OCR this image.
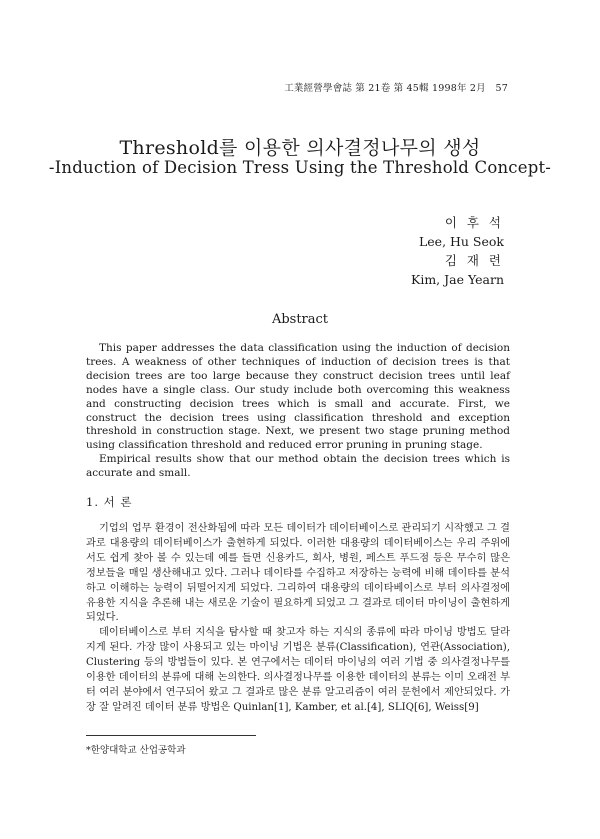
工業經營學會誌 第 21卷 第 45輯 1998年 2月　57
Threshold를 이용한 의사결정나무의 생성
-Induction of Decision Tress Using the Threshold Concept-
이 후 석
Lee, Hu Seok
김 재 련
Kim, Jae Yearn
Abstract

This paper addresses the data classification using the induction of decision trees. A weakness of other techniques of induction of decision trees is that decision trees are too large because they construct decision trees until leaf nodes have a single class. Our study include both overcoming this weakness and constructing decision trees which is small and accurate. First, we construct the decision trees using classification threshold and exception threshold in construction stage. Next, we present two stage pruning method using classification threshold and reduced error pruning in pruning stage.

Empirical results show that our method obtain the decision trees which is accurate and small.

1. 서 론

기업의 업무 환경이 전산화됨에 따라 모든 데이터가 데이터베이스로 관리되기 시작했고 그 결과로 대용량의 데이터베이스가 출현하게 되었다. 이러한 대용량의 데이터베이스는 우리 주위에서도 쉽게 찾아 볼 수 있는데 예를 들면 신용카드, 회사, 병원, 페스트 푸드점 등은 무수히 많은 정보들을 매일 생산해내고 있다. 그러나 데이타를 수집하고 저장하는 능력에 비해 데이타를 분석하고 이해하는 능력이 뒤떨어지게 되었다. 그리하여 대용량의 데이타베이스로 부터 의사결정에 유용한 지식을 추론해 내는 새로운 기술이 필요하게 되었고 그 결과로 데이터 마이닝이 출현하게 되었다.

데이터베이스로 부터 지식을 탐사할 때 찾고자 하는 지식의 종류에 따라 마이닝 방법도 달라지게 된다. 가장 많이 사용되고 있는 마이닝 기법은 분류(Classification), 연관(Association), Clustering 등의 방법들이 있다. 본 연구에서는 데이터 마이닝의 여러 기법 중 의사결정나무를 이용한 데이터의 분류에 대해 논의한다. 의사결정나무를 이용한 데이터의 분류는 이미 오래전 부터 여러 분야에서 연구되어 왔고 그 결과로 많은 분류 알고리즘이 여러 문헌에서 제안되었다. 가장 잘 알려진 데이터 분류 방법은 Quinlan[1], Kamber, et al.[4], SLIQ[6], Weiss[9]

*한양대학교 산업공학과
